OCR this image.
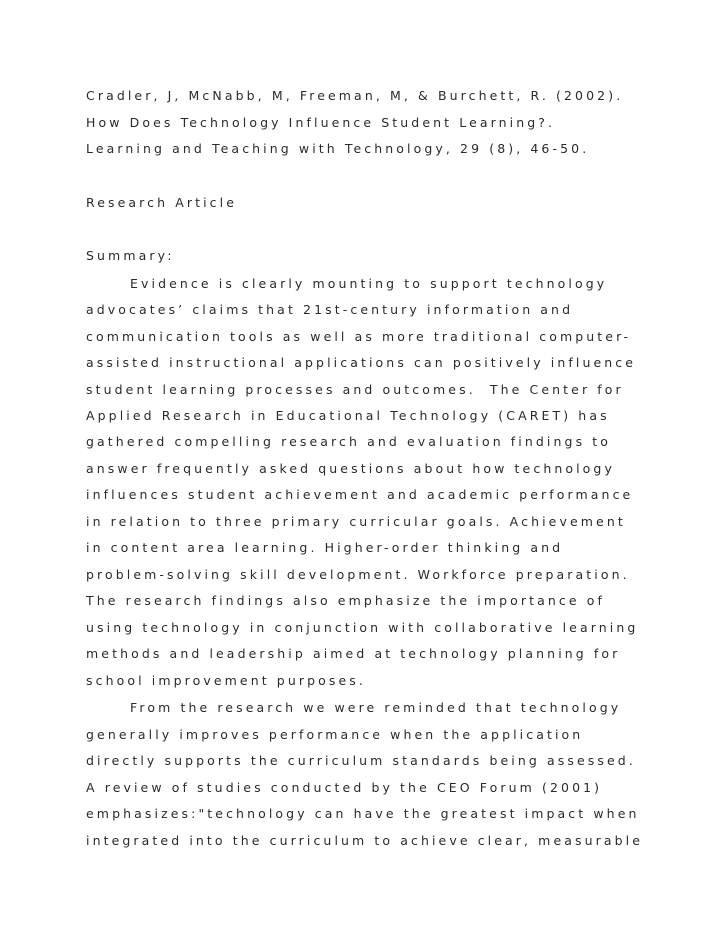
Cradler, J, McNabb, M, Freeman, M, & Burchett, R. (2002).
How Does Technology Influence Student Learning?.
Learning and Teaching with Technology, 29 (8), 46-50.
Research Article
Summary:
Evidence is clearly mounting to support technology
advocates’ claims that 21st-century information and
communication tools as well as more traditional computer-
assisted instructional applications can positively influence
student learning processes and outcomes.  The Center for
Applied Research in Educational Technology (CARET) has
gathered compelling research and evaluation findings to
answer frequently asked questions about how technology
influences student achievement and academic performance
in relation to three primary curricular goals. Achievement
in content area learning. Higher-order thinking and
problem-solving skill development. Workforce preparation.
The research findings also emphasize the importance of
using technology in conjunction with collaborative learning
methods and leadership aimed at technology planning for
school improvement purposes.
From the research we were reminded that technology
generally improves performance when the application
directly supports the curriculum standards being assessed.
A review of studies conducted by the CEO Forum (2001)
emphasizes:"technology can have the greatest impact when
integrated into the curriculum to achieve clear, measurable
